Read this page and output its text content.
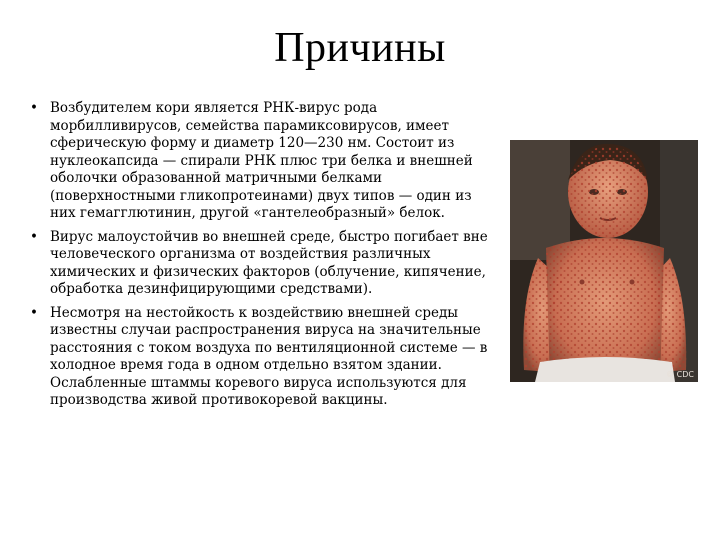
Причины
• Возбудителем кори является РНК-вирус рода морбилливирусов, семейства парамиксовирусов, имеет сферическую форму и диаметр 120—230 нм. Состоит из нуклеокапсида — спирали РНК плюс три белка и внешней оболочки образованной матричными белками (поверхностными гликопротеинами) двух типов — один из них гемагглютинин, другой «гантелеобразный» белок.
• Вирус малоустойчив во внешней среде, быстро погибает вне человеческого организма от воздействия различных химических и физических факторов (облучение, кипячение, обработка дезинфицирующими средствами).
• Несмотря на нестойкость к воздействию внешней среды известны случаи распространения вируса на значительные расстояния с током воздуха по вентиляционной системе — в холодное время года в одном отдельно взятом здании. Ослабленные штаммы коревого вируса используются для производства живой противокоревой вакцины.
© CDC
